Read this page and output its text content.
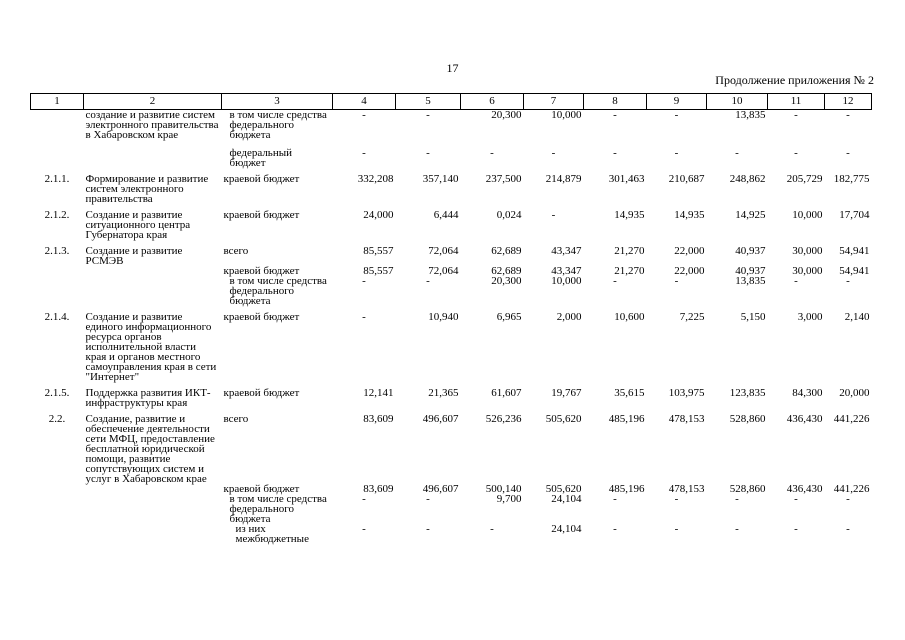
17
Продолжение приложения № 2
1	2	3	4	5	6	7	8	9	10	11	12
	создание и развитие систем электронного правительства в Хабаровском крае	в том числе средства федерального бюджета	-	-	20,300	10,000	-	-	13,835	-	-
		федеральный бюджет	-	-	-	-	-	-	-	-	-
2.1.1.	Формирование и развитие систем электронного правительства	краевой бюджет	332,208	357,140	237,500	214,879	301,463	210,687	248,862	205,729	182,775
2.1.2.	Создание и развитие ситуационного центра Губернатора края	краевой бюджет	24,000	6,444	0,024	-	14,935	14,935	14,925	10,000	17,704
2.1.3.	Создание и развитие РСМЭВ	всего	85,557	72,064	62,689	43,347	21,270	22,000	40,937	30,000	54,941
		краевой бюджет	85,557	72,064	62,689	43,347	21,270	22,000	40,937	30,000	54,941
		в том числе средства федерального бюджета	-	-	20,300	10,000	-	-	13,835	-	-
2.1.4.	Создание и развитие единого информационного ресурса органов исполнительной власти края и органов местного самоуправления края в сети "Интернет"	краевой бюджет	-	10,940	6,965	2,000	10,600	7,225	5,150	3,000	2,140
2.1.5.	Поддержка развития ИКТ-инфраструктуры края	краевой бюджет	12,141	21,365	61,607	19,767	35,615	103,975	123,835	84,300	20,000
2.2.	Создание, развитие и обеспечение деятельности сети МФЦ, предоставление бесплатной юридической помощи, развитие сопутствующих систем и услуг в Хабаровском крае	всего	83,609	496,607	526,236	505,620	485,196	478,153	528,860	436,430	441,226
		краевой бюджет	83,609	496,607	500,140	505,620	485,196	478,153	528,860	436,430	441,226
		в том числе средства федерального бюджета	-	-	9,700	24,104	-	-	-	-	-
		из них межбюджетные	-	-	-	24,104	-	-	-	-	-
